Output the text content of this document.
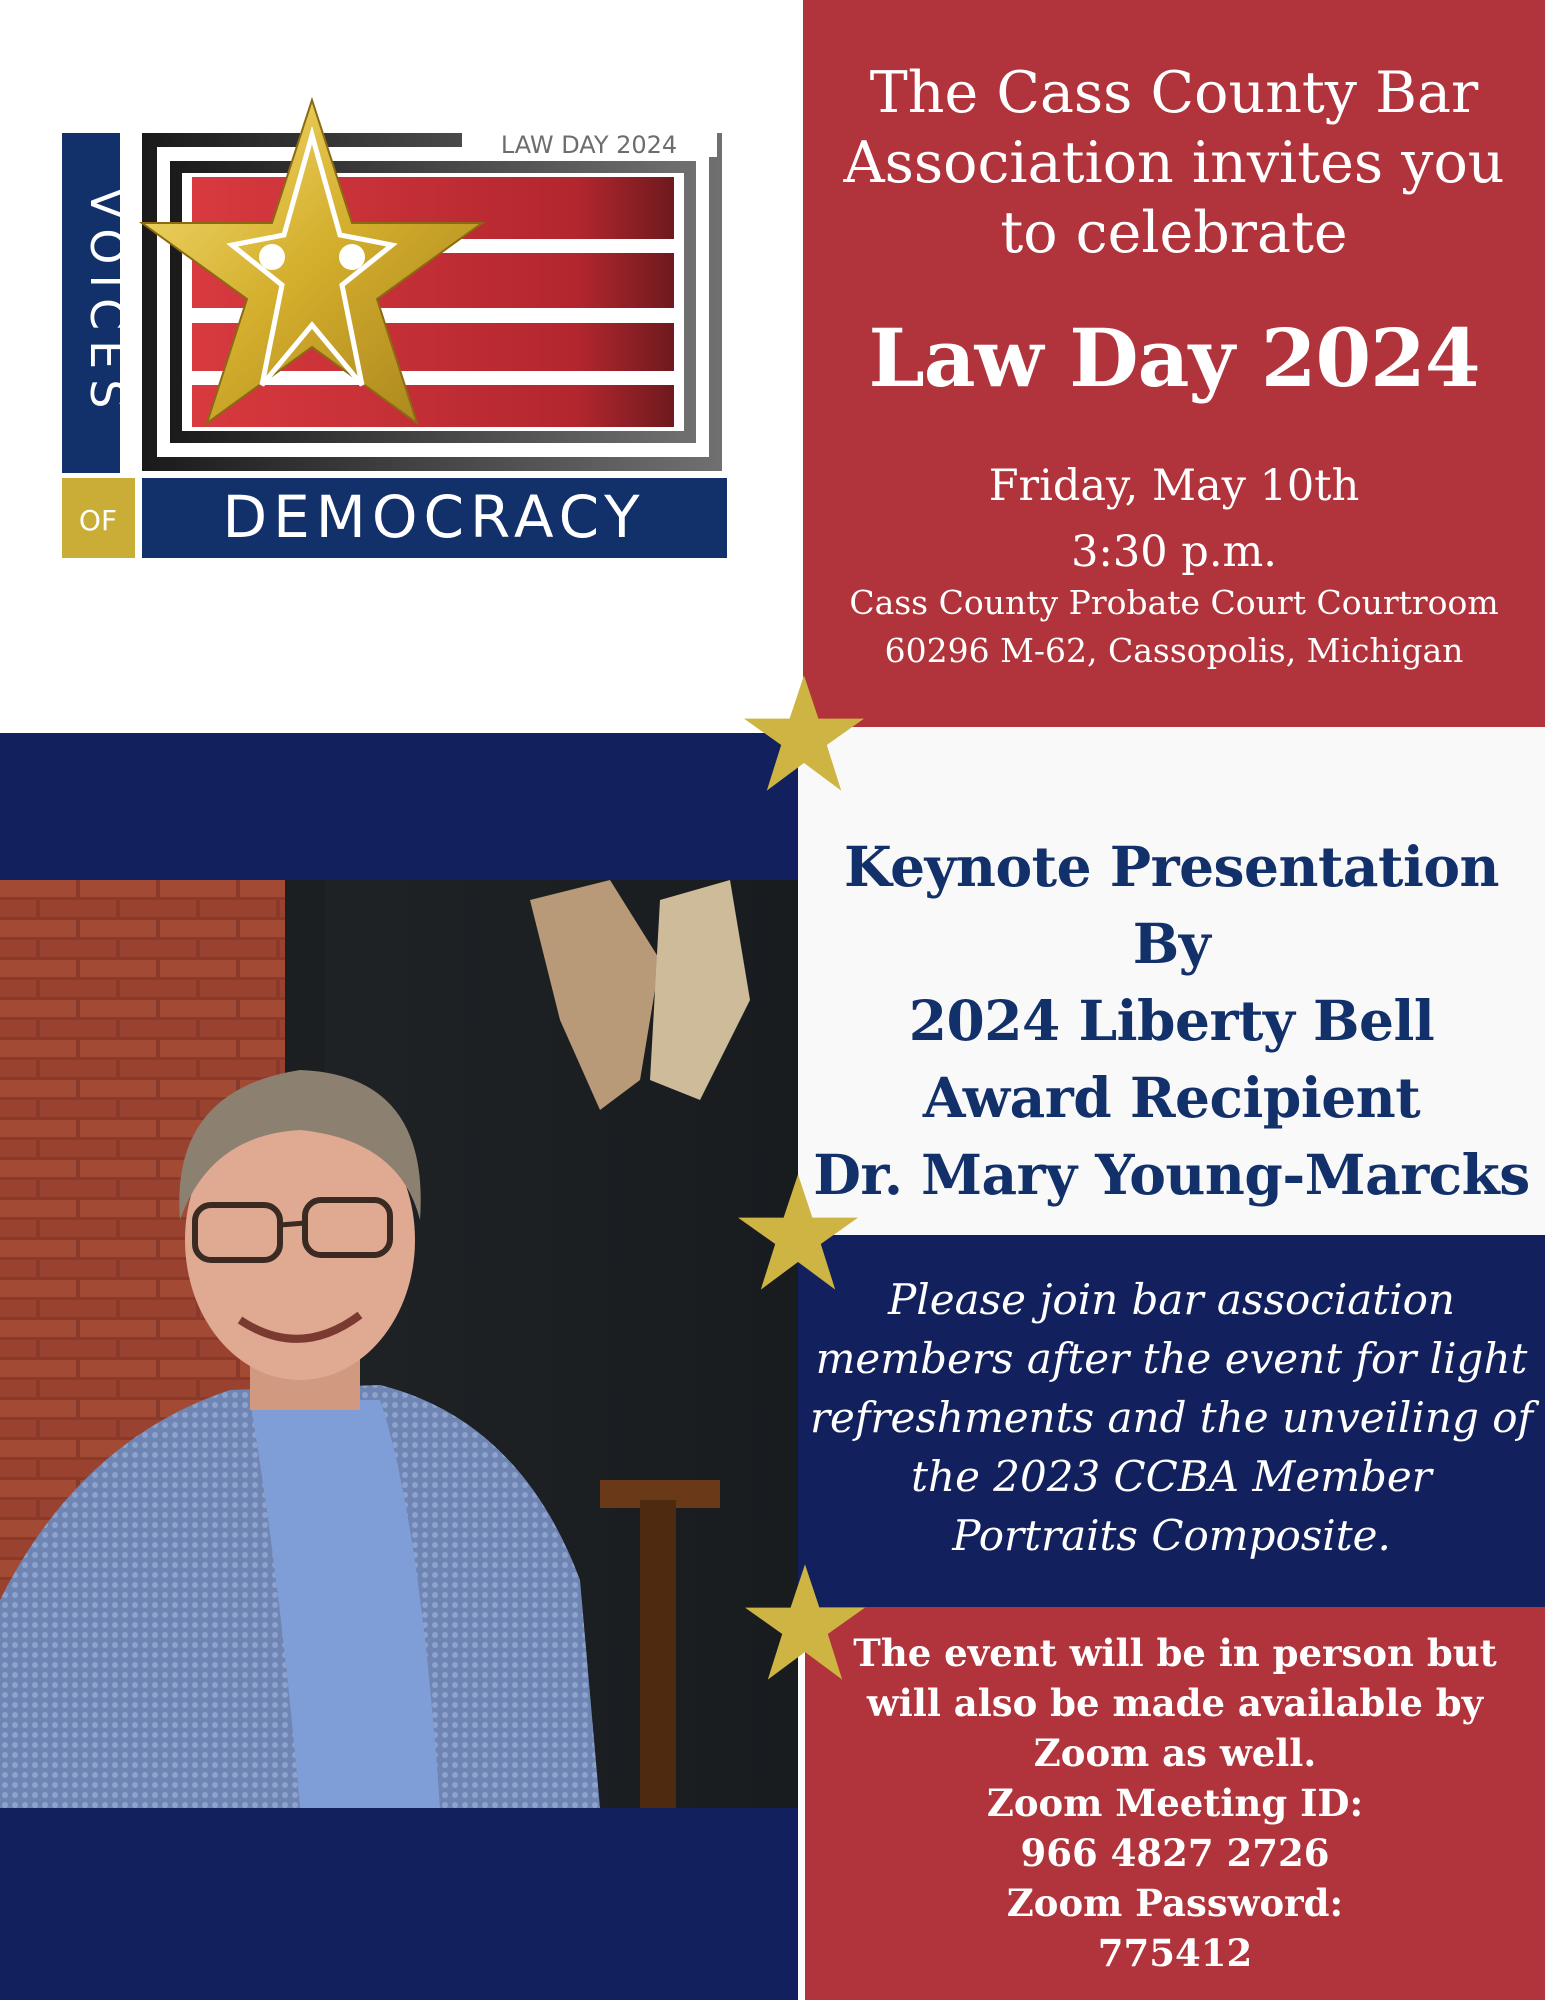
VOICES
OF DEMOCRACY
LAW DAY 2024

The Cass County Bar
Association invites you
to celebrate

Law Day 2024

Friday, May 10th

3:30 p.m.

Cass County Probate Court Courtroom

60296 M-62, Cassopolis, Michigan

Keynote Presentation By
2024 Liberty Bell
Award Recipient
Dr. Mary Young-Marcks

Please join bar association
members after the event for light
refreshments and the unveiling of
the 2023 CCBA Member
Portraits Composite.

The event will be in person but
will also be made available by
Zoom as well.
Zoom Meeting ID:
966 4827 2726
Zoom Password:
775412
